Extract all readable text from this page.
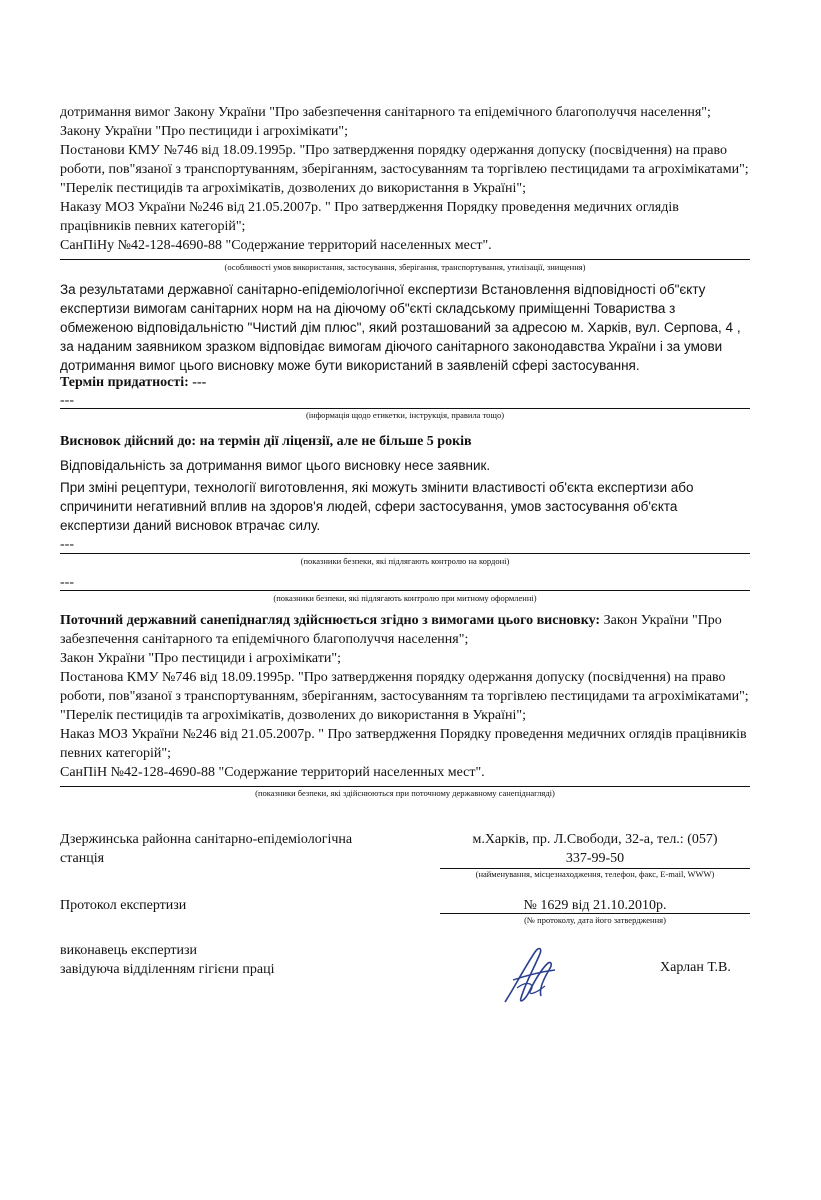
дотримання вимог Закону України "Про забезпечення санітарного та епідемічного благополуччя населення";

Закону України "Про пестициди і агрохімікати";

Постанови КМУ №746 від 18.09.1995р. "Про затвердження порядку одержання допуску (посвідчення) на право роботи, пов"язаної з транспортуванням, зберіганням, застосуванням та торгівлею пестицидами та агрохімікатами";

"Перелік пестицидів та агрохімікатів, дозволених до використання в Україні";

Наказу МОЗ України №246 від 21.05.2007р. " Про затвердження Порядку проведення медичних оглядів працівників певних категорій";

СанПіНу №42-128-4690-88 "Содержание территорий населенных мест".

(особливості умов використання, застосування, зберігання, транспортування, утилізації, знищення)

За результатами державної санітарно-епідеміологічної експертизи Встановлення відповідності об"єкту експертизи вимогам санітарних норм на на діючому об"єкті складському приміщенні Товариства з обмеженою відповідальністю "Чистий дім плюс", який розташований за адресою м. Харків, вул. Серпова, 4 , за наданим заявником зразком відповідає вимогам діючого санітарного законодавства України і за умови дотримання вимог цього висновку може бути використаний в заявленій сфері застосування.

Термін придатності: ---
---
(інформація щодо етикетки, інструкція, правила тощо)
Висновок дійсний до: на термін дії ліцензії, але не більше 5 років
Відповідальність за дотримання вимог цього висновку несе заявник.

При зміні рецептури, технології виготовлення, які можуть змінити властивості об'єкта експертизи або спричинити негативний вплив на здоров'я людей, сфери застосування, умов застосування об'єкта експертизи даний висновок втрачає силу.

---
(показники безпеки, які підлягають контролю на кордоні)
---
(показники безпеки, які підлягають контролю при митному оформленні)

Поточний державний санепіднагляд здійснюється згідно з вимогами цього висновку: Закон України "Про забезпечення санітарного та епідемічного благополуччя населення";

Закон України "Про пестициди і агрохімікати";

Постанова КМУ №746 від 18.09.1995р. "Про затвердження порядку одержання допуску (посвідчення) на право роботи, пов"язаної з транспортуванням, зберіганням, застосуванням та торгівлею пестицидами та агрохімікатами";

"Перелік пестицидів та агрохімікатів, дозволених до використання в Україні";

Наказ МОЗ України №246 від 21.05.2007р. " Про затвердження Порядку проведення медичних оглядів працівників певних категорій";

СанПіН №42-128-4690-88 "Содержание территорий населенных мест".

(показники безпеки, які здійснюються при поточному державному санепіднагляді)

Дзержинська районна санітарно-епідеміологічна станція

м.Харків, пр. Л.Свободи, 32-а, тел.: (057)

337-99-50

(найменування, місцезнаходження, телефон, факс, E-mail, WWW)
Протокол експертизи	№ 1629 від 21.10.2010р.
(№ протоколу, дата його затвердження)

виконавець експертизи

завідуюча відділенням гігієни праці	Харлан Т.В.
